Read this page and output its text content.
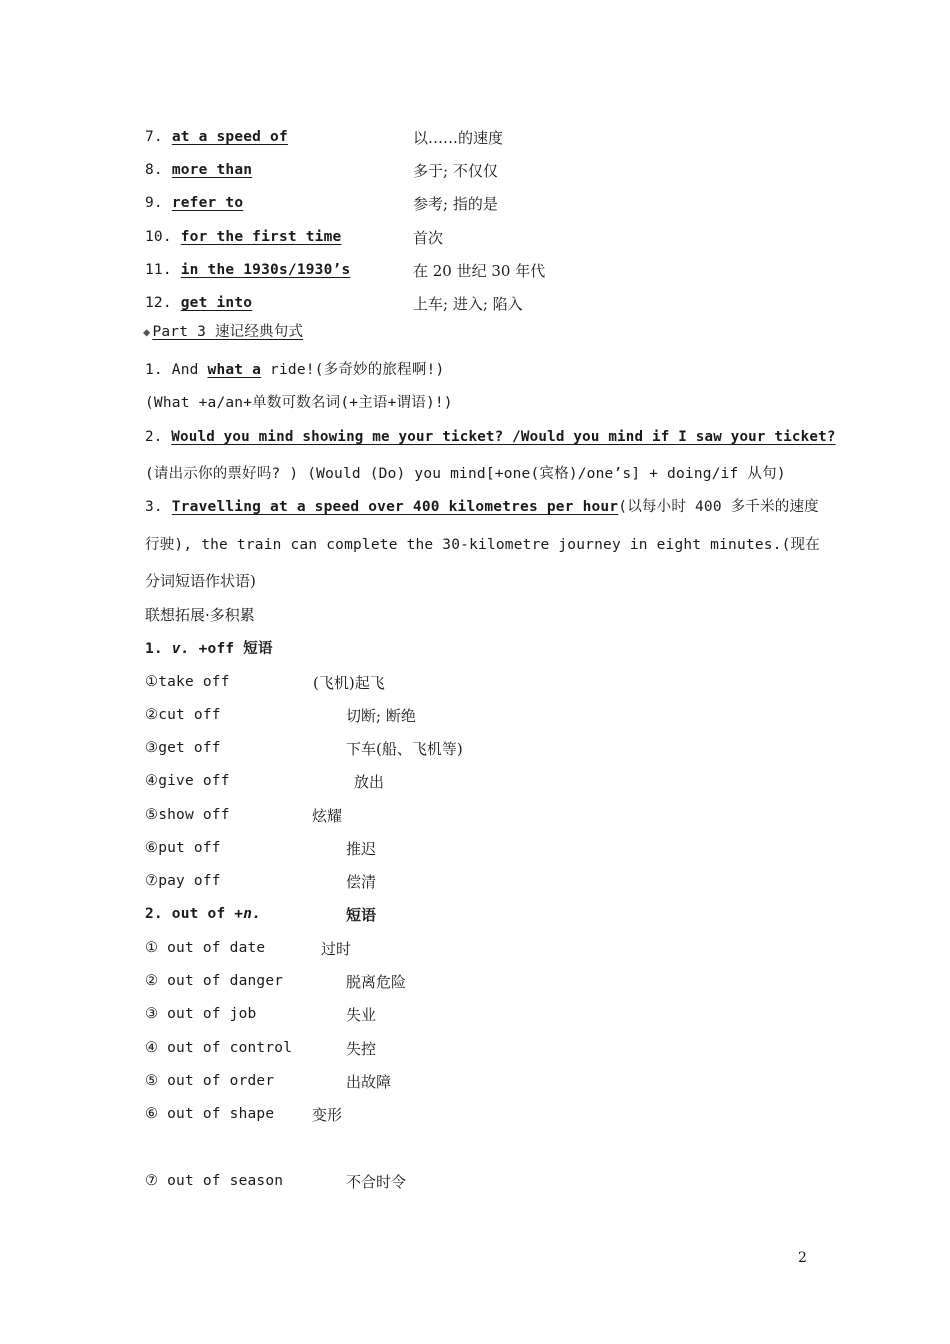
7. at a speed of	以……的速度
8. more than	多于; 不仅仅
9. refer to	参考; 指的是
10. for the first time	首次
11. in the 1930s/1930’s	在 20 世纪 30 年代
12. get into	上车; 进入; 陷入
◆ Part 3 速记经典句式
1. And what a ride!(多奇妙的旅程啊!)
(What +a/an+单数可数名词(+主语+谓语)!)
2. Would you mind showing me your ticket? /Would you mind if I saw your ticket?
(请出示你的票好吗? ) (Would (Do) you mind[+one(宾格)/one’s] + doing/if 从句)
3. Travelling at a speed over 400 kilometres per hour(以每小时 400 多千米的速度
行驶), the train can complete the 30-kilometre journey in eight minutes.(现在
分词短语作状语)
联想拓展·多积累
1. v. +off 短语
①take off	(飞机)起飞
②cut off	切断; 断绝
③get off	下车(船、飞机等)
④give off	放出
⑤show off	炫耀
⑥put off	推迟
⑦pay off	偿清
2. out of +n.	短语
① out of date	过时
② out of danger	脱离危险
③ out of job	失业
④ out of control	失控
⑤ out of order	出故障
⑥ out of shape	变形
⑦ out of season	不合时令
2
